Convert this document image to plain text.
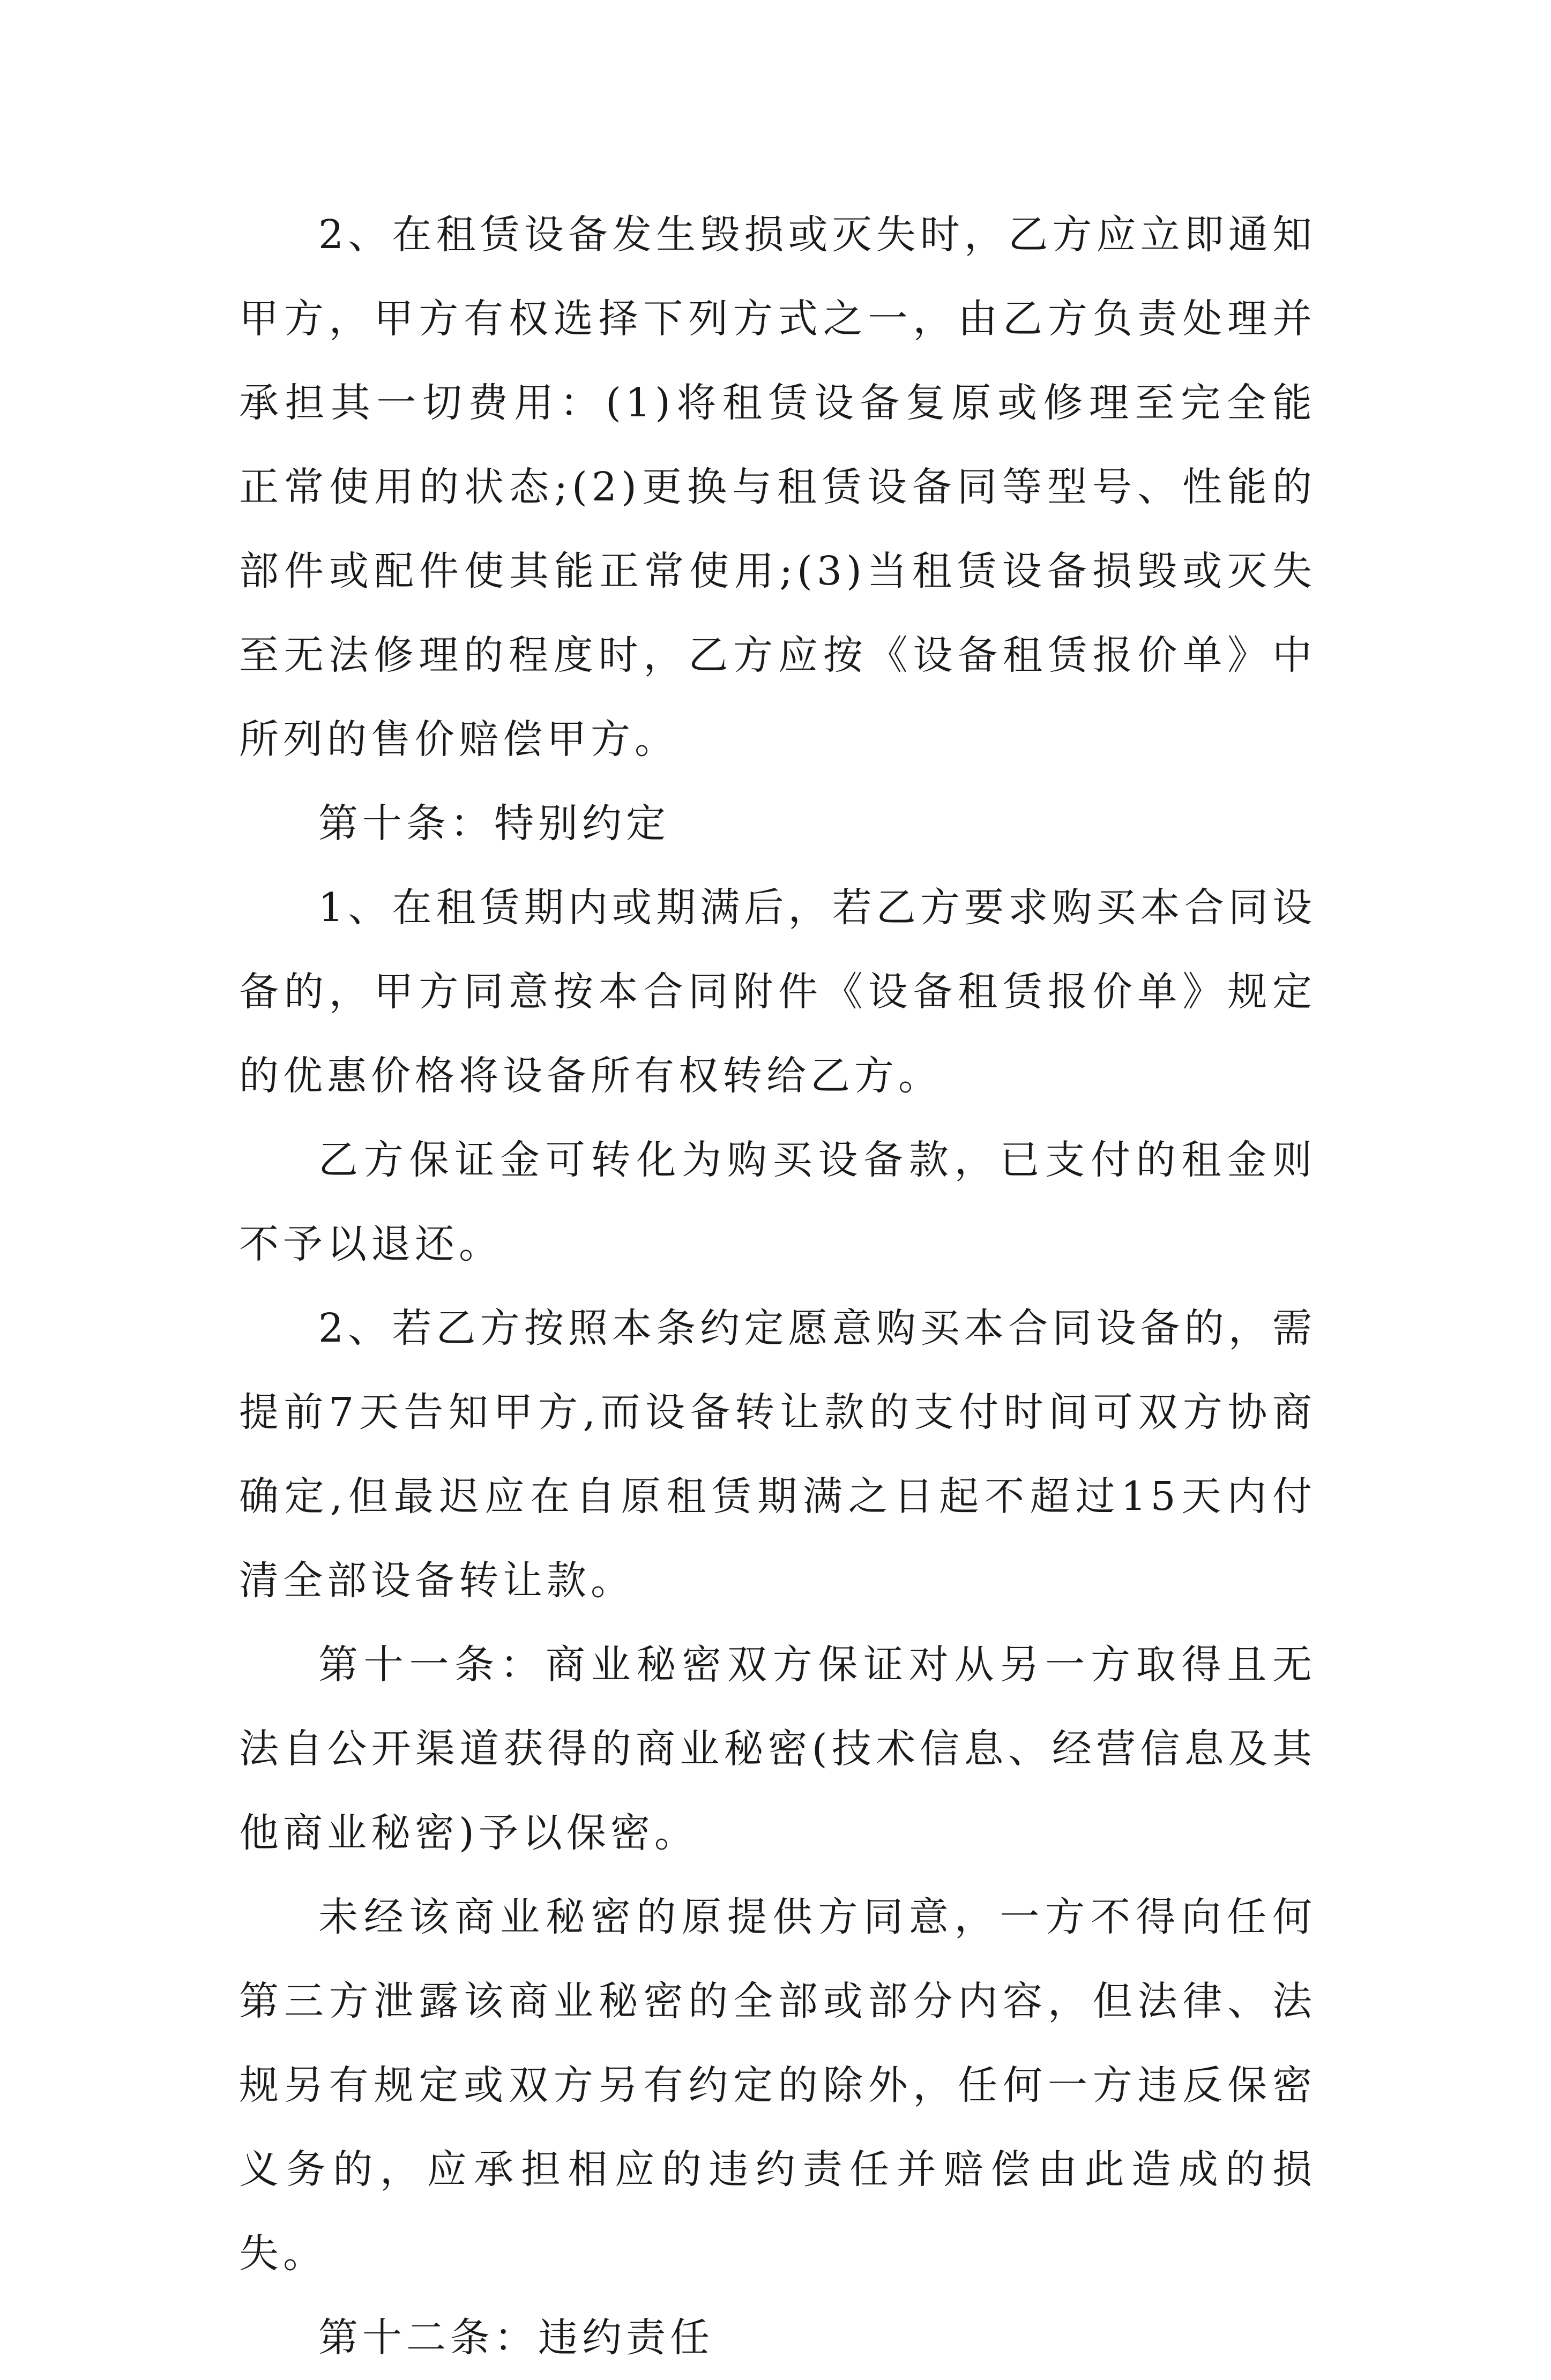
2、在租赁设备发生毁损或灭失时，乙方应立即通知甲方，甲方有权选择下列方式之一，由乙方负责处理并承担其一切费用：(1)将租赁设备复原或修理至完全能正常使用的状态;(2)更换与租赁设备同等型号、性能的部件或配件使其能正常使用;(3)当租赁设备损毁或灭失至无法修理的程度时，乙方应按《设备租赁报价单》中所列的售价赔偿甲方。

第十条：特别约定

1、在租赁期内或期满后，若乙方要求购买本合同设备的，甲方同意按本合同附件《设备租赁报价单》规定的优惠价格将设备所有权转给乙方。

乙方保证金可转化为购买设备款，已支付的租金则不予以退还。

2、若乙方按照本条约定愿意购买本合同设备的，需提前7天告知甲方,而设备转让款的支付时间可双方协商确定,但最迟应在自原租赁期满之日起不超过15天内付清全部设备转让款。

第十一条：商业秘密双方保证对从另一方取得且无法自公开渠道获得的商业秘密(技术信息、经营信息及其他商业秘密)予以保密。

未经该商业秘密的原提供方同意，一方不得向任何第三方泄露该商业秘密的全部或部分内容，但法律、法规另有规定或双方另有约定的除外，任何一方违反保密义务的，应承担相应的违约责任并赔偿由此造成的损失。

第十二条：违约责任
